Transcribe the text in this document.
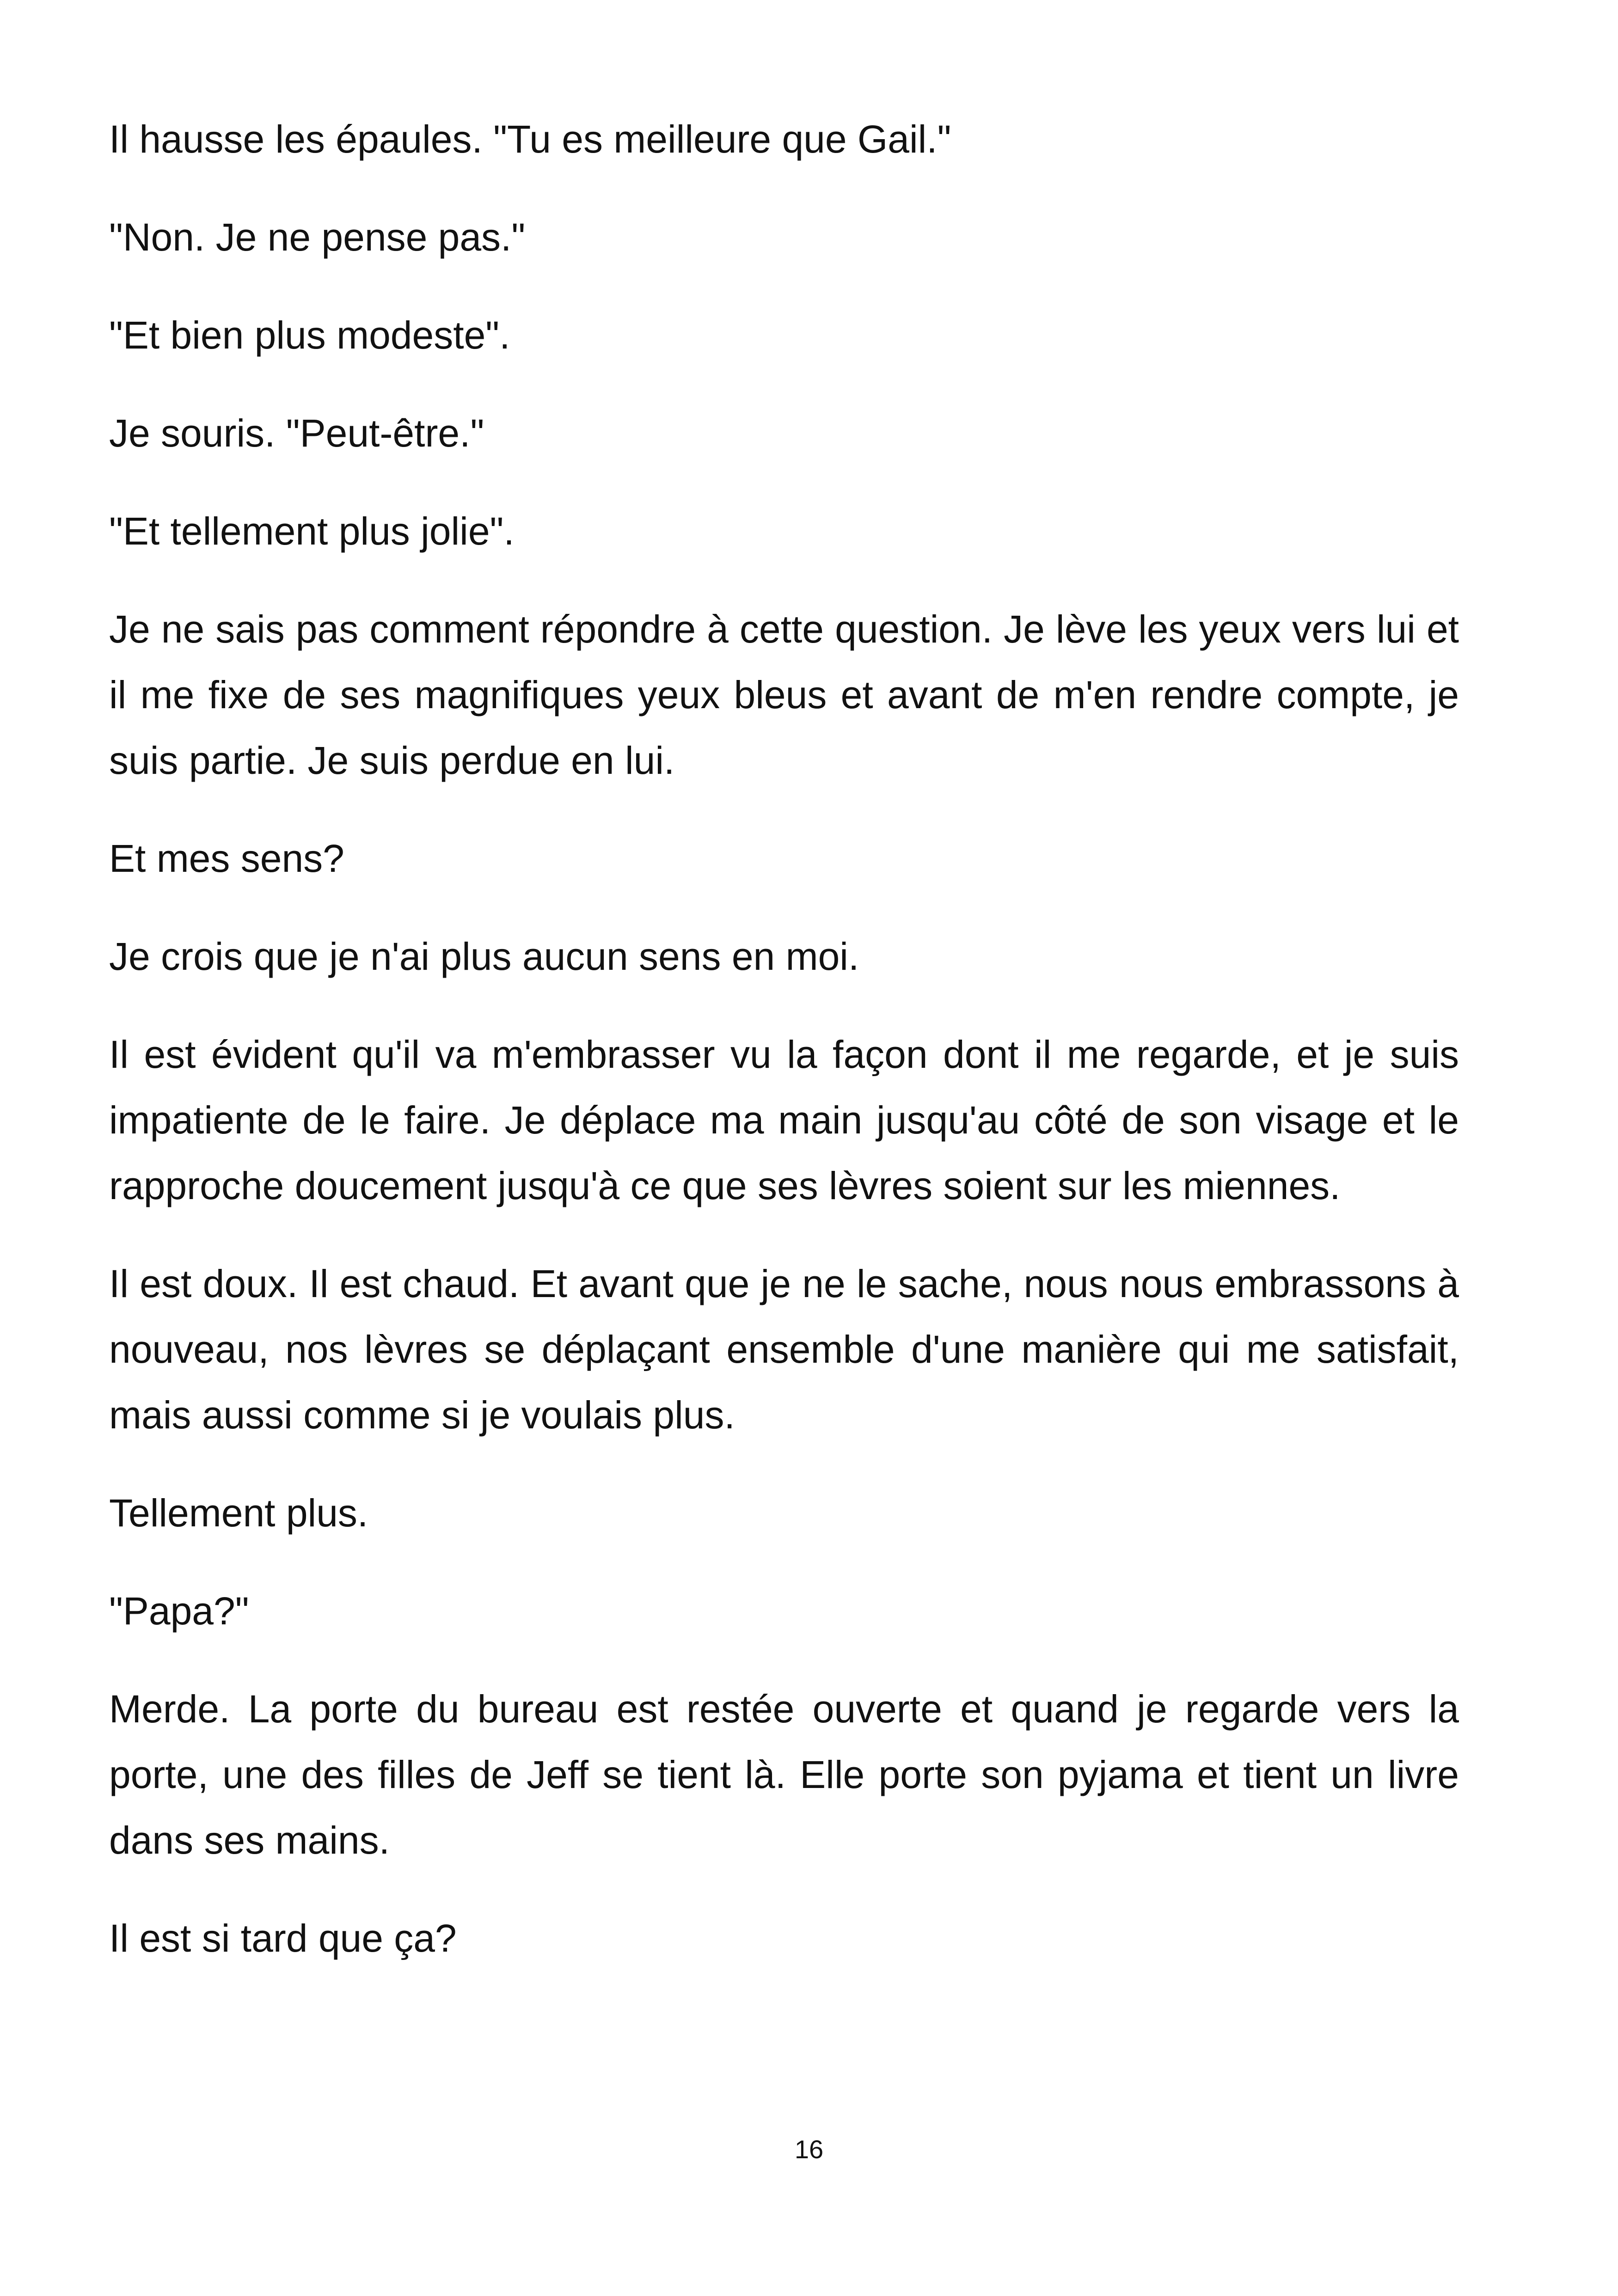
Il hausse les épaules. "Tu es meilleure que Gail."

"Non. Je ne pense pas."

"Et bien plus modeste".

Je souris. "Peut-être."

"Et tellement plus jolie".

Je ne sais pas comment répondre à cette question. Je lève les yeux vers lui et il me fixe de ses magnifiques yeux bleus et avant de m'en rendre compte, je suis partie. Je suis perdue en lui.

Et mes sens?

Je crois que je n'ai plus aucun sens en moi.

Il est évident qu'il va m'embrasser vu la façon dont il me regarde, et je suis impatiente de le faire. Je déplace ma main jusqu'au côté de son visage et le rapproche doucement jusqu'à ce que ses lèvres soient sur les miennes.

Il est doux. Il est chaud. Et avant que je ne le sache, nous nous embrassons à nouveau, nos lèvres se déplaçant ensemble d'une manière qui me satisfait, mais aussi comme si je voulais plus.

Tellement plus.

"Papa?"

Merde. La porte du bureau est restée ouverte et quand je regarde vers la porte, une des filles de Jeff se tient là. Elle porte son pyjama et tient un livre dans ses mains.

Il est si tard que ça?

16
